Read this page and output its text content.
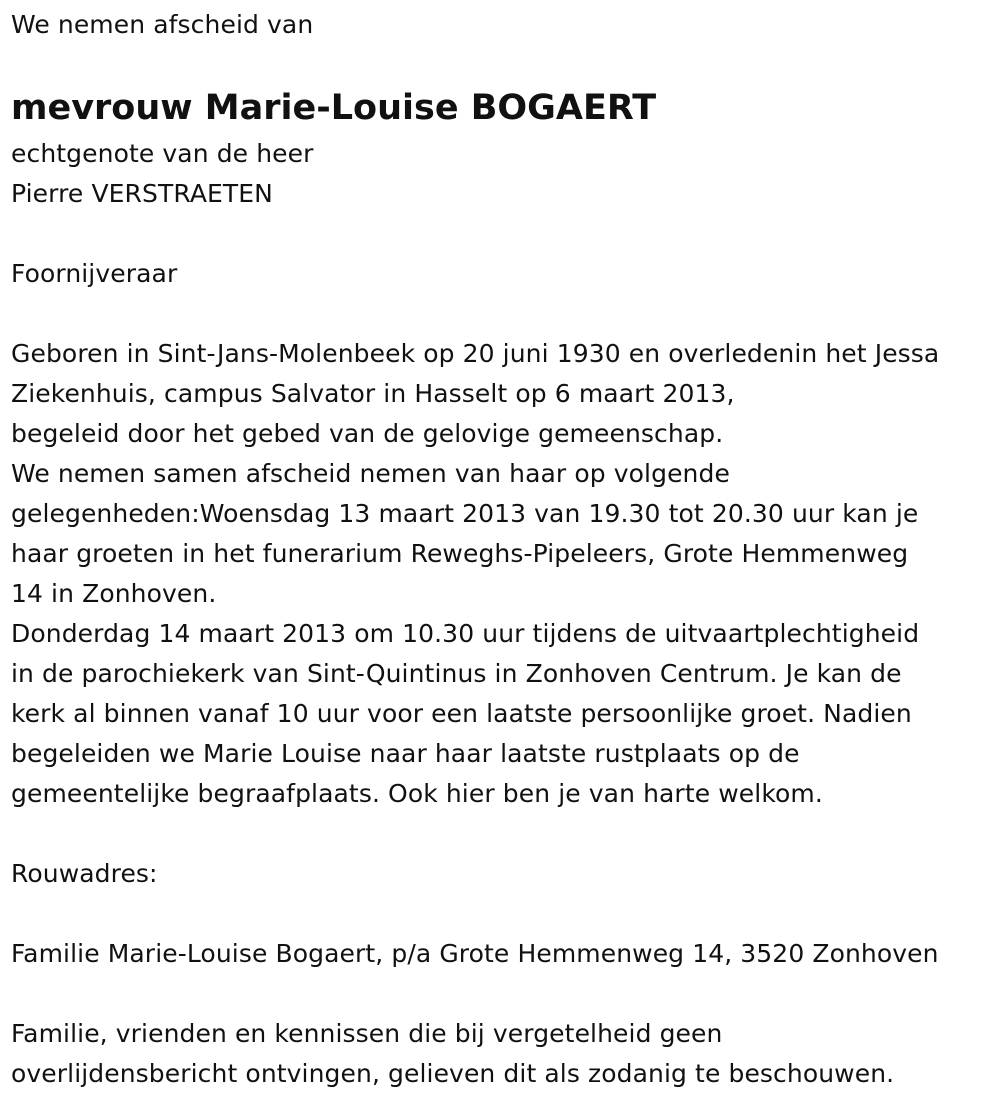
We nemen afscheid van
mevrouw Marie-Louise BOGAERT
echtgenote van de heer
Pierre VERSTRAETEN
Foornijveraar
Geboren in Sint-Jans-Molenbeek op 20 juni 1930 en overledenin het Jessa
Ziekenhuis, campus Salvator in Hasselt op 6 maart 2013,
begeleid door het gebed van de gelovige gemeenschap.
We nemen samen afscheid nemen van haar op volgende
gelegenheden:Woensdag 13 maart 2013 van 19.30 tot 20.30 uur kan je
haar groeten in het funerarium Reweghs-Pipeleers, Grote Hemmenweg
14 in Zonhoven.
Donderdag 14 maart 2013 om 10.30 uur tijdens de uitvaartplechtigheid
in de parochiekerk van Sint-Quintinus in Zonhoven Centrum. Je kan de
kerk al binnen vanaf 10 uur voor een laatste persoonlijke groet. Nadien
begeleiden we Marie Louise naar haar laatste rustplaats op de
gemeentelijke begraafplaats. Ook hier ben je van harte welkom.
Rouwadres:
Familie Marie-Louise Bogaert, p/a Grote Hemmenweg 14, 3520 Zonhoven
Familie, vrienden en kennissen die bij vergetelheid geen
overlijdensbericht ontvingen, gelieven dit als zodanig te beschouwen.
